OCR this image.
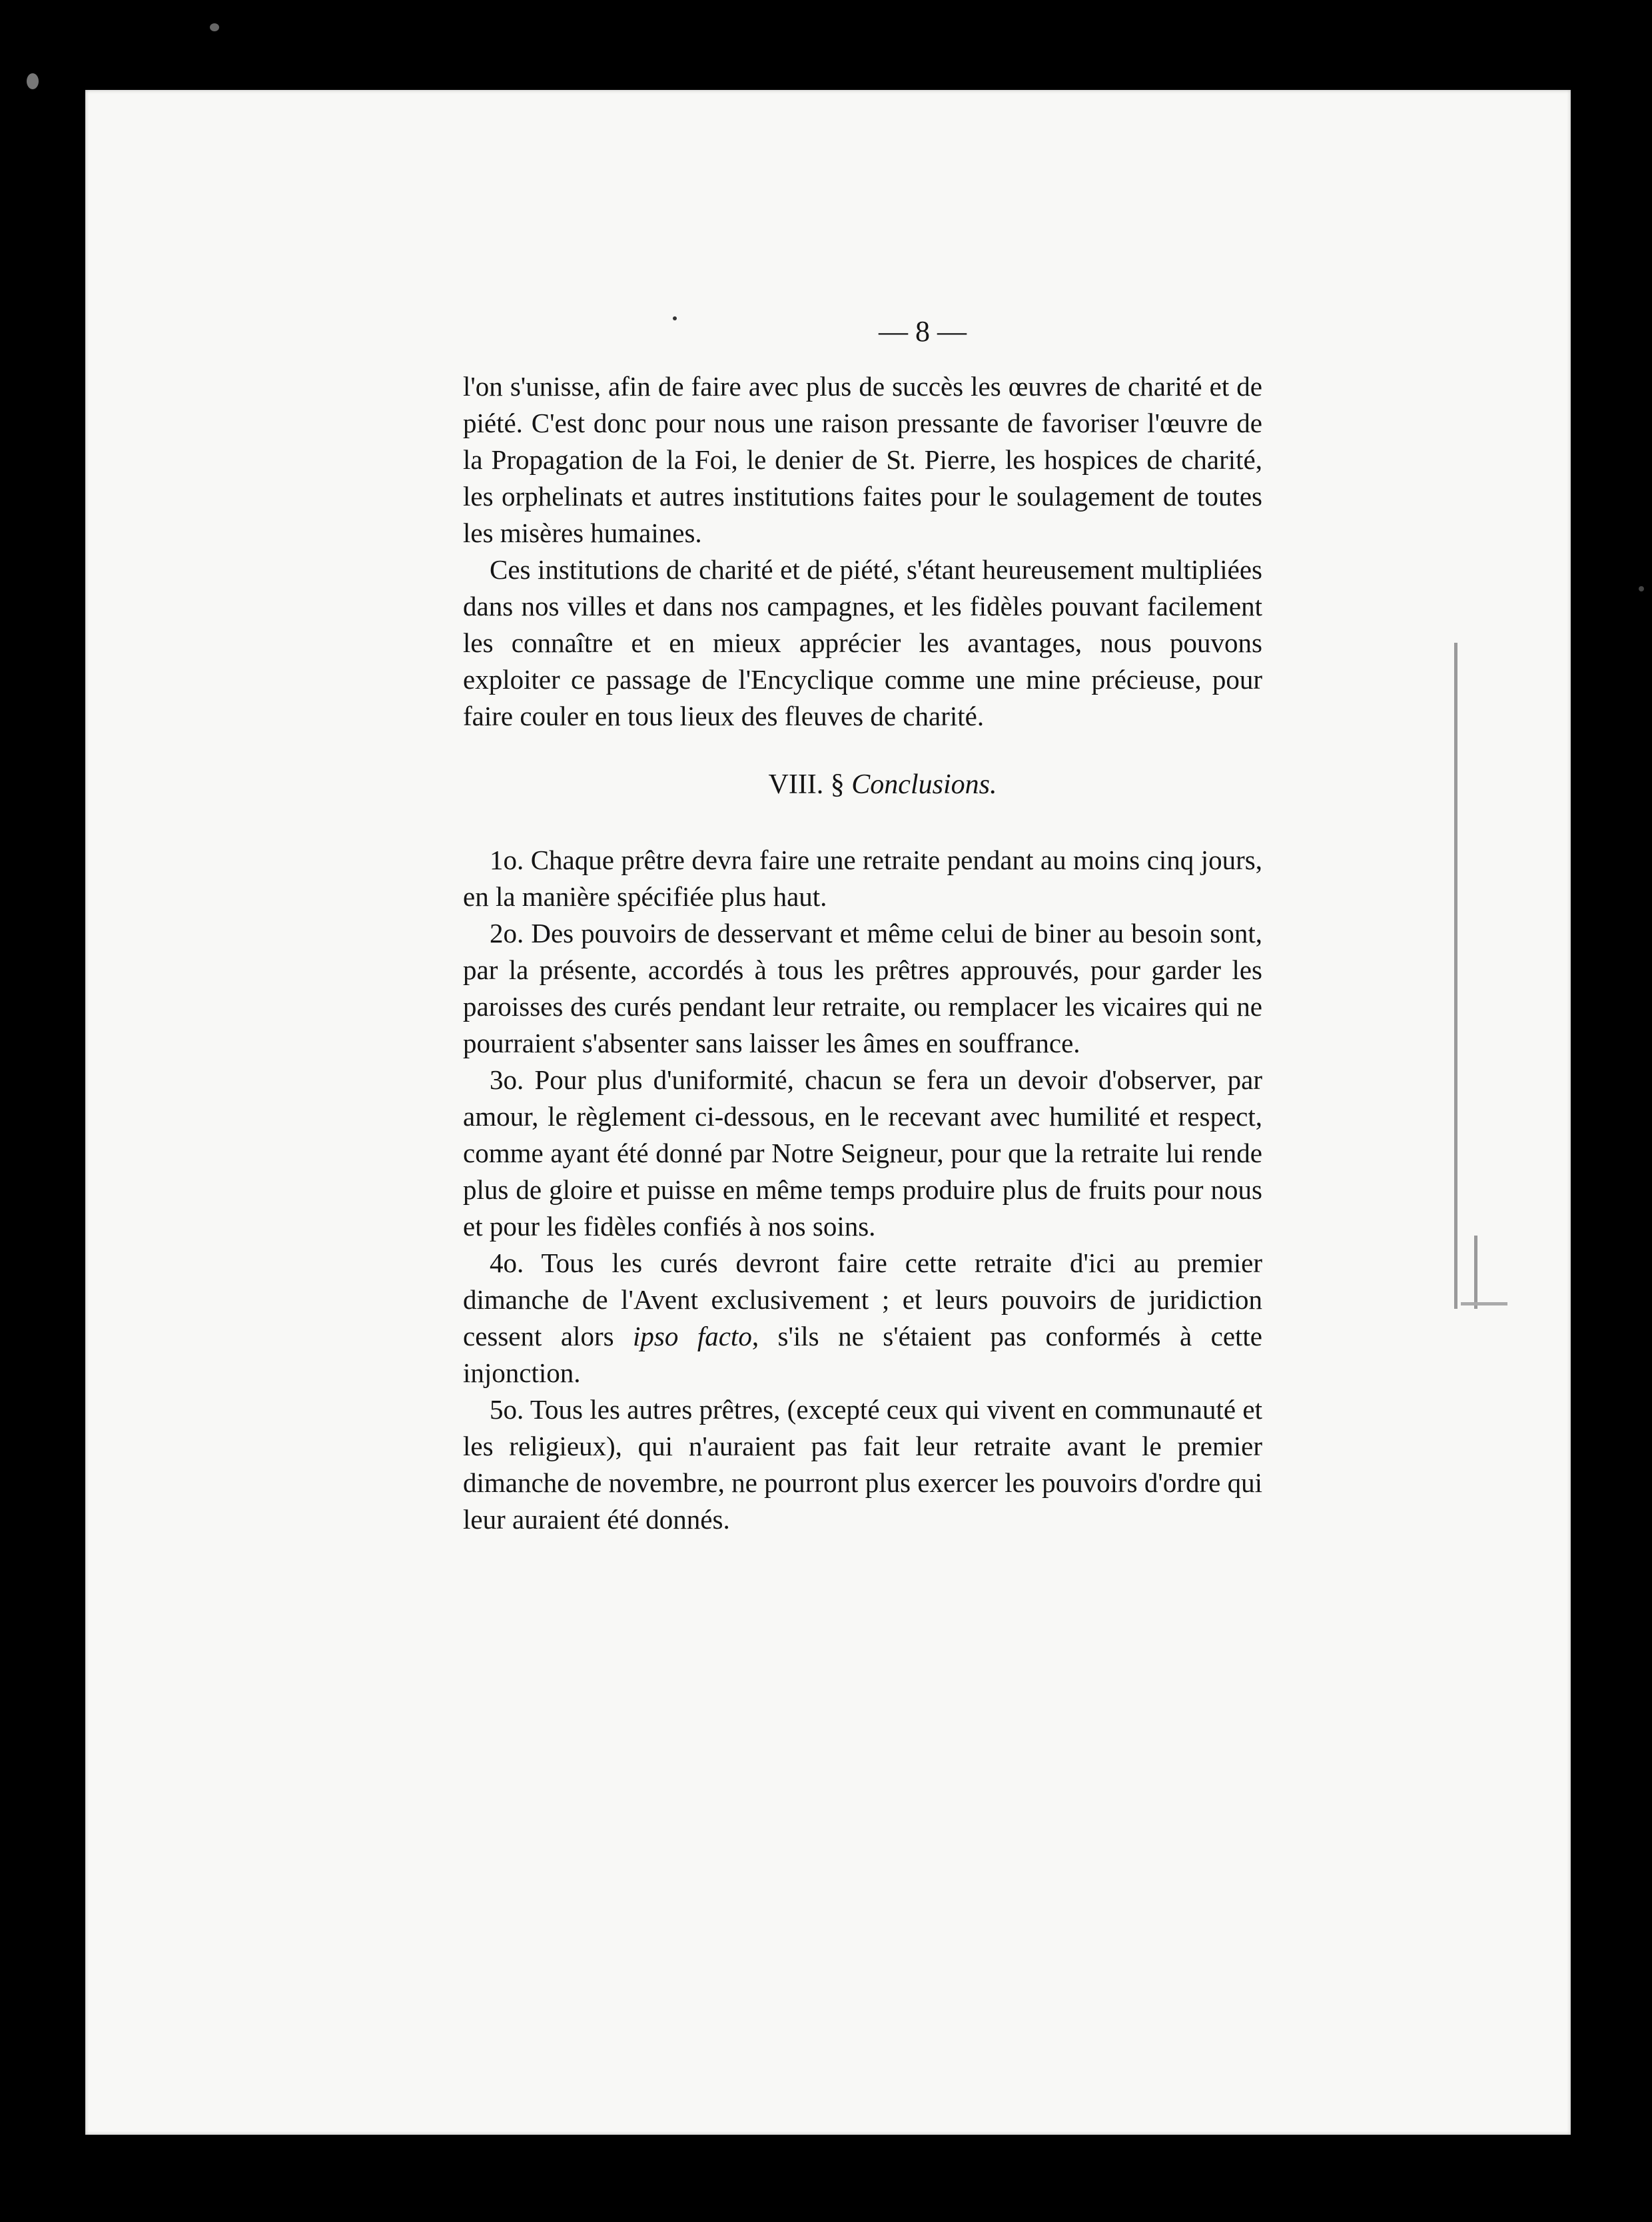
— 8 —

l'on s'unisse, afin de faire avec plus de succès les œuvres de charité et de piété. C'est donc pour nous une raison pressante de favoriser l'œuvre de la Propagation de la Foi, le denier de St. Pierre, les hospices de charité, les orphelinats et autres institutions faites pour le soulagement de toutes les misères humaines.

Ces institutions de charité et de piété, s'étant heureusement multipliées dans nos villes et dans nos campagnes, et les fidèles pouvant facilement les connaître et en mieux apprécier les avantages, nous pouvons exploiter ce passage de l'Encyclique comme une mine précieuse, pour faire couler en tous lieux des fleuves de charité.

VIII. § Conclusions.

1o. Chaque prêtre devra faire une retraite pendant au moins cinq jours, en la manière spécifiée plus haut.

2o. Des pouvoirs de desservant et même celui de biner au besoin sont, par la présente, accordés à tous les prêtres approuvés, pour garder les paroisses des curés pendant leur retraite, ou remplacer les vicaires qui ne pourraient s'absenter sans laisser les âmes en souffrance.

3o. Pour plus d'uniformité, chacun se fera un devoir d'observer, par amour, le règlement ci-dessous, en le recevant avec humilité et respect, comme ayant été donné par Notre Seigneur, pour que la retraite lui rende plus de gloire et puisse en même temps produire plus de fruits pour nous et pour les fidèles confiés à nos soins.

4o. Tous les curés devront faire cette retraite d'ici au premier dimanche de l'Avent exclusivement ; et leurs pouvoirs de juridiction cessent alors ipso facto, s'ils ne s'étaient pas conformés à cette injonction.

5o. Tous les autres prêtres, (excepté ceux qui vivent en communauté et les religieux), qui n'auraient pas fait leur retraite avant le premier dimanche de novembre, ne pourront plus exercer les pouvoirs d'ordre qui leur auraient été donnés.
